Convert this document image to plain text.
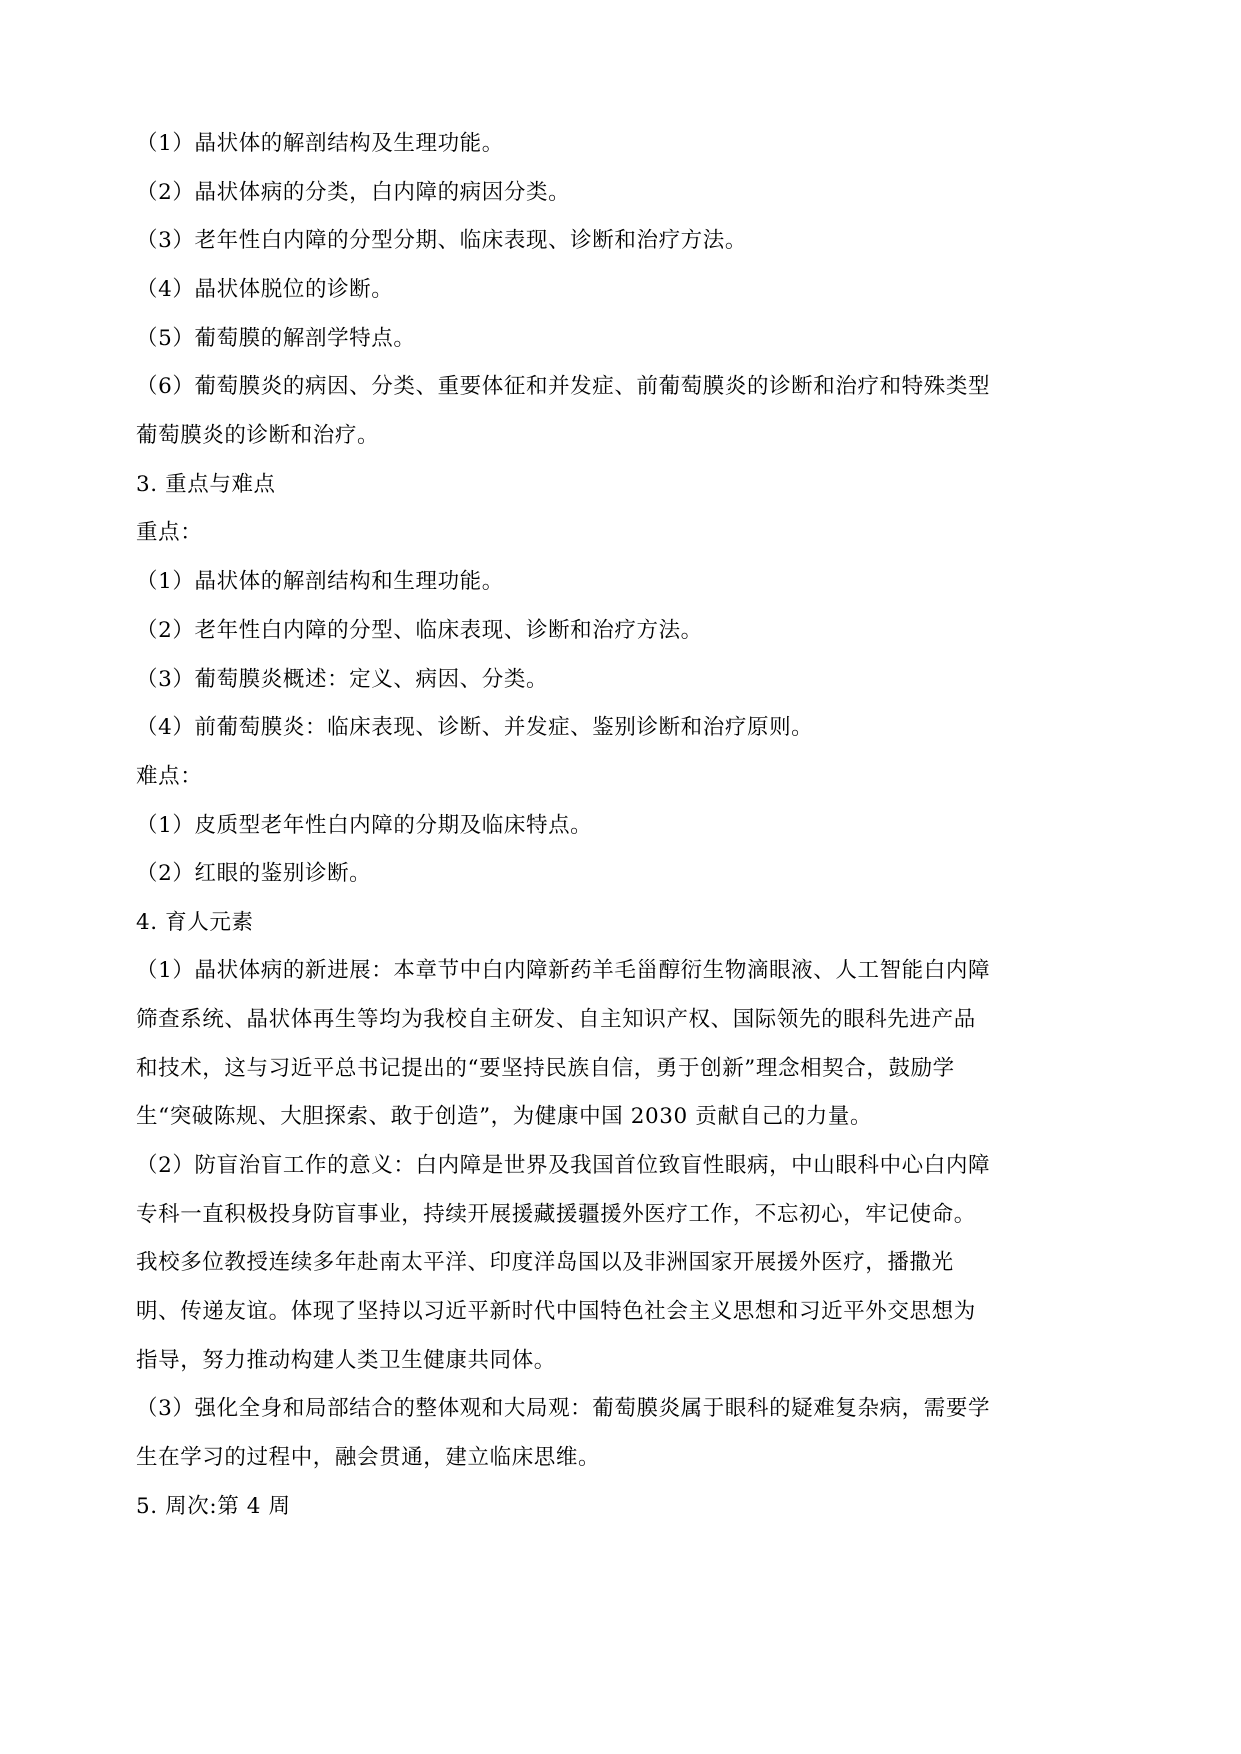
（1）晶状体的解剖结构及生理功能。
（2）晶状体病的分类，白内障的病因分类。
（3）老年性白内障的分型分期、临床表现、诊断和治疗方法。
（4）晶状体脱位的诊断。
（5）葡萄膜的解剖学特点。
（6）葡萄膜炎的病因、分类、重要体征和并发症、前葡萄膜炎的诊断和治疗和特殊类型
葡萄膜炎的诊断和治疗。
3. 重点与难点
重点：
（1）晶状体的解剖结构和生理功能。
（2）老年性白内障的分型、临床表现、诊断和治疗方法。
（3）葡萄膜炎概述：定义、病因、分类。
（4）前葡萄膜炎：临床表现、诊断、并发症、鉴别诊断和治疗原则。
难点：
（1）皮质型老年性白内障的分期及临床特点。
（2）红眼的鉴别诊断。
4. 育人元素
（1）晶状体病的新进展：本章节中白内障新药羊毛甾醇衍生物滴眼液、人工智能白内障
筛查系统、晶状体再生等均为我校自主研发、自主知识产权、国际领先的眼科先进产品
和技术，这与习近平总书记提出的“要坚持民族自信，勇于创新”理念相契合，鼓励学
生“突破陈规、大胆探索、敢于创造”，为健康中国 2030 贡献自己的力量。
（2）防盲治盲工作的意义：白内障是世界及我国首位致盲性眼病，中山眼科中心白内障
专科一直积极投身防盲事业，持续开展援藏援疆援外医疗工作，不忘初心，牢记使命。
我校多位教授连续多年赴南太平洋、印度洋岛国以及非洲国家开展援外医疗，播撒光
明、传递友谊。体现了坚持以习近平新时代中国特色社会主义思想和习近平外交思想为
指导，努力推动构建人类卫生健康共同体。
（3）强化全身和局部结合的整体观和大局观：葡萄膜炎属于眼科的疑难复杂病，需要学
生在学习的过程中，融会贯通，建立临床思维。
5. 周次:第 4 周
